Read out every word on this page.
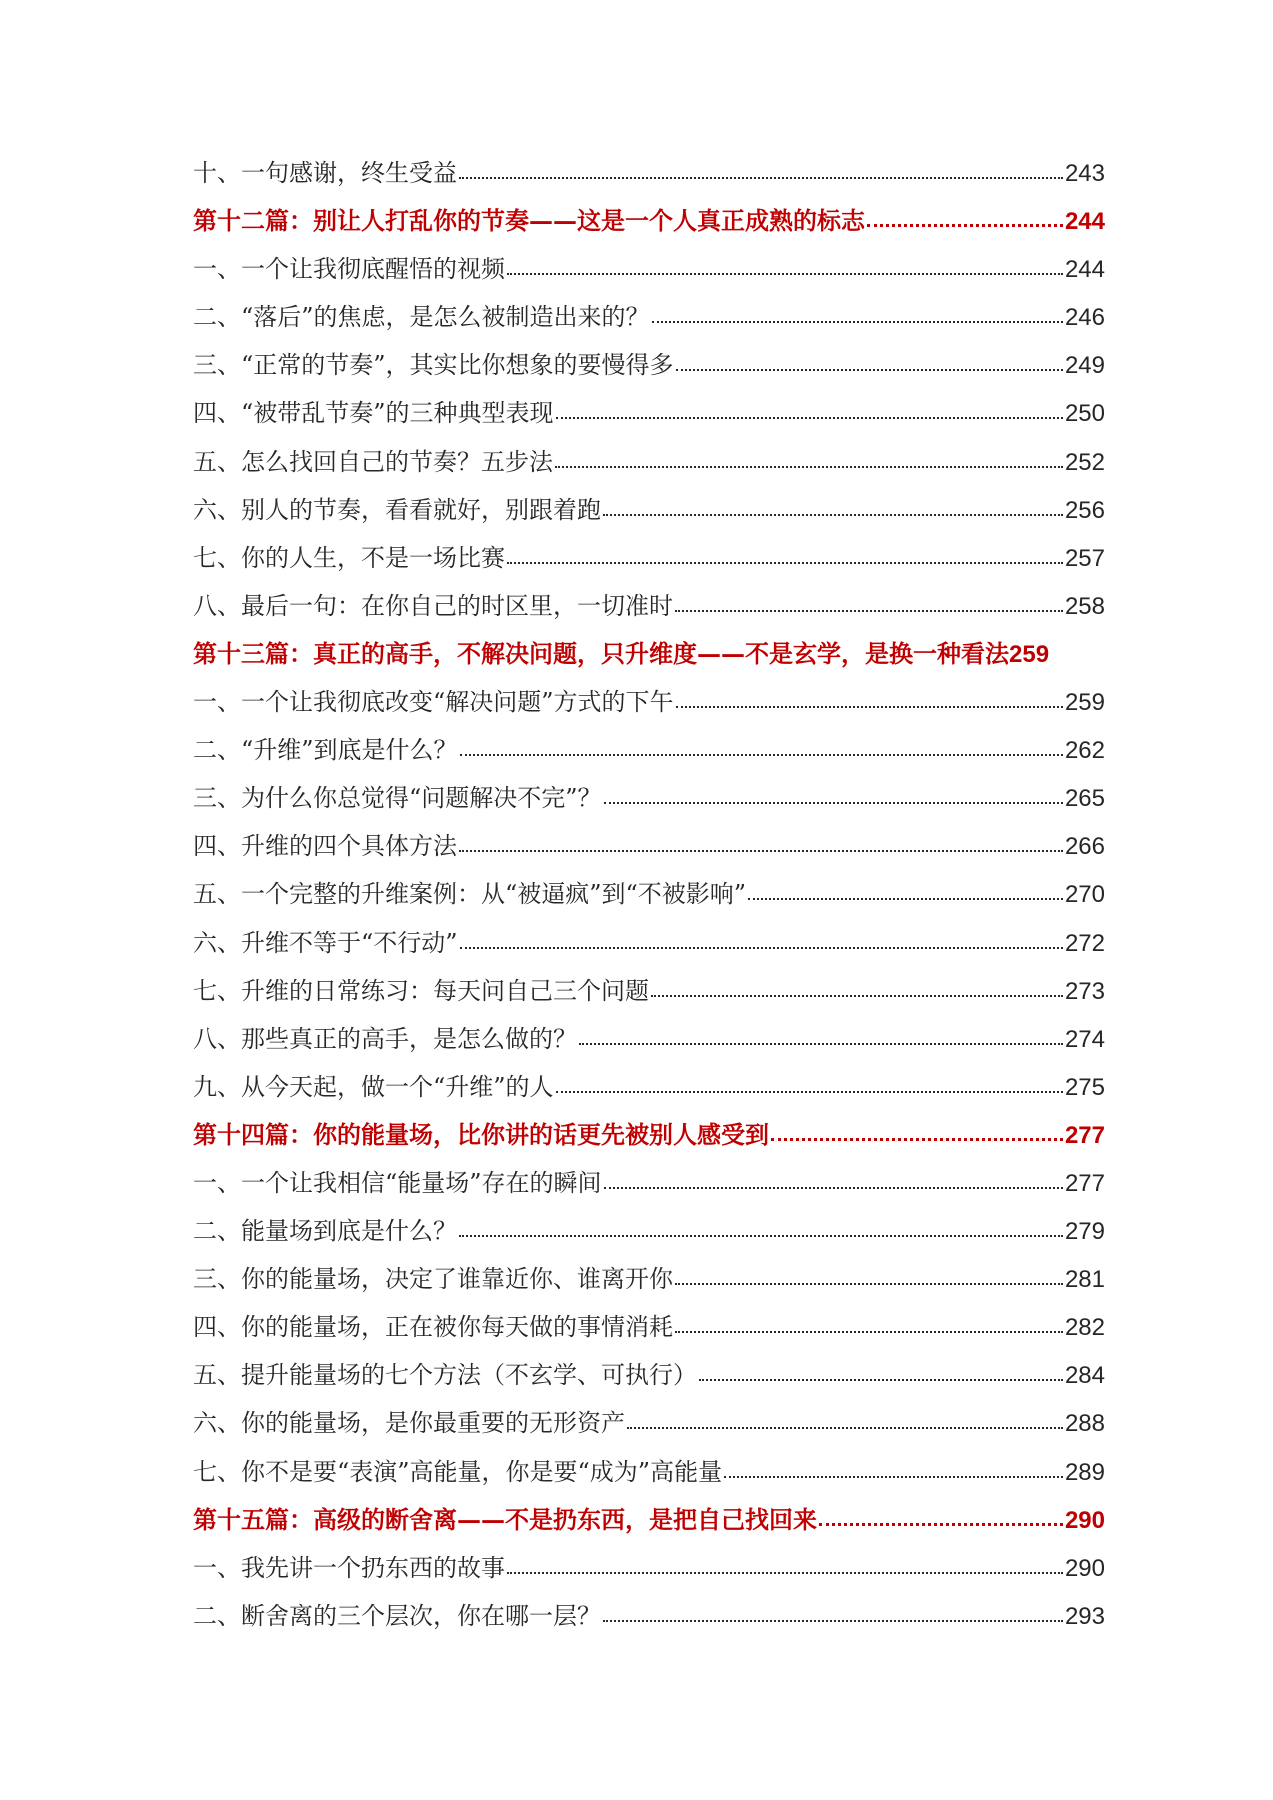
十、一句感谢，终生受益	243
第十二篇：别让人打乱你的节奏——这是一个人真正成熟的标志	244
一、一个让我彻底醒悟的视频	244
二、“落后”的焦虑，是怎么被制造出来的？	246
三、“正常的节奏”，其实比你想象的要慢得多	249
四、“被带乱节奏”的三种典型表现	250
五、怎么找回自己的节奏？五步法	252
六、别人的节奏，看看就好，别跟着跑	256
七、你的人生，不是一场比赛	257
八、最后一句：在你自己的时区里，一切准时	258
第十三篇：真正的高手，不解决问题，只升维度——不是玄学，是换一种看法 259
一、一个让我彻底改变“解决问题”方式的下午	259
二、“升维”到底是什么？	262
三、为什么你总觉得“问题解决不完”？	265
四、升维的四个具体方法	266
五、一个完整的升维案例：从“被逼疯”到“不被影响”	270
六、升维不等于“不行动”	272
七、升维的日常练习：每天问自己三个问题	273
八、那些真正的高手，是怎么做的？	274
九、从今天起，做一个“升维”的人	275
第十四篇：你的能量场，比你讲的话更先被别人感受到	277
一、一个让我相信“能量场”存在的瞬间	277
二、能量场到底是什么？	279
三、你的能量场，决定了谁靠近你、谁离开你	281
四、你的能量场，正在被你每天做的事情消耗	282
五、提升能量场的七个方法（不玄学、可执行）	284
六、你的能量场，是你最重要的无形资产	288
七、你不是要“表演”高能量，你是要“成为”高能量	289
第十五篇：高级的断舍离——不是扔东西，是把自己找回来	290
一、我先讲一个扔东西的故事	290
二、断舍离的三个层次，你在哪一层？	293
